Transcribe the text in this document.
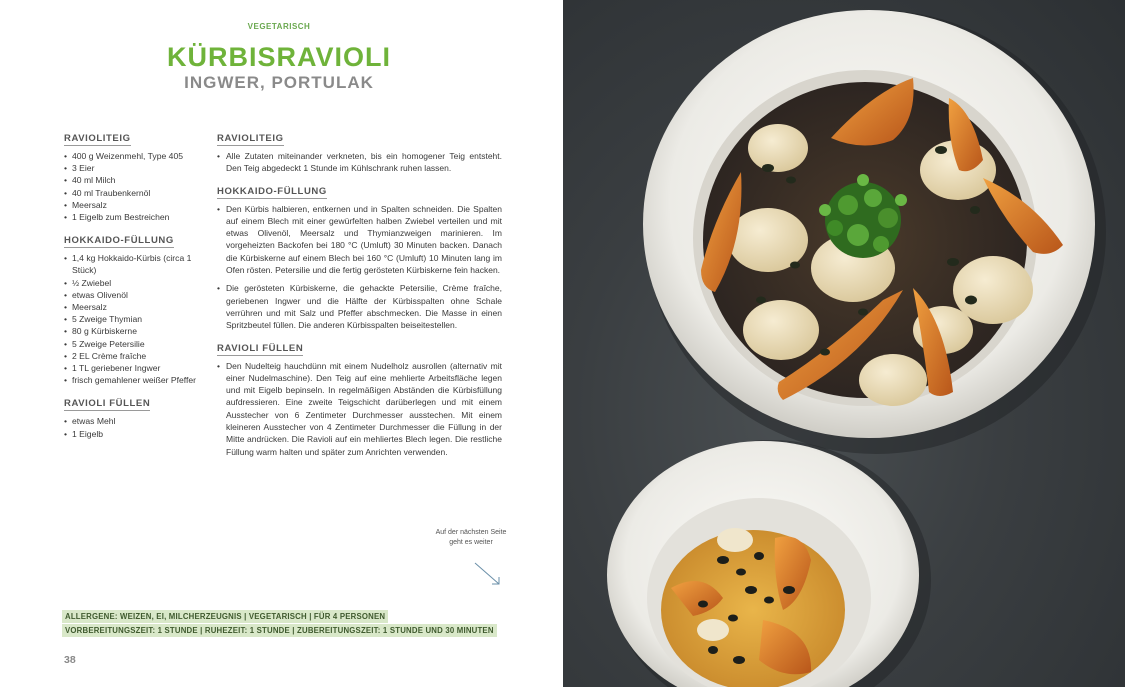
VEGETARISCH
KÜRBISRAVIOLI
INGWER, PORTULAK
RAVIOLITEIG
• 400 g Weizenmehl, Type 405
• 3 Eier
• 40 ml Milch
• 40 ml Traubenkernöl
• Meersalz
• 1 Eigelb zum Bestreichen
HOKKAIDO-FÜLLUNG
• 1,4 kg Hokkaido-Kürbis (circa 1 Stück)
• ½ Zwiebel
• etwas Olivenöl
• Meersalz
• 5 Zweige Thymian
• 80 g Kürbiskerne
• 5 Zweige Petersilie
• 2 EL Crème fraîche
• 1 TL geriebener Ingwer
• frisch gemahlener weißer Pfeffer
RAVIOLI FÜLLEN
• etwas Mehl
• 1 Eigelb
RAVIOLITEIG
• Alle Zutaten miteinander verkneten, bis ein homogener Teig entsteht. Den Teig abgedeckt 1 Stunde im Kühlschrank ruhen lassen.
HOKKAIDO-FÜLLUNG
• Den Kürbis halbieren, entkernen und in Spalten schneiden. Die Spalten auf einem Blech mit einer gewürfelten halben Zwiebel verteilen und mit etwas Olivenöl, Meersalz und Thymianzweigen marinieren. Im vorgeheizten Backofen bei 180 °C (Umluft) 30 Minuten backen. Danach die Kürbiskerne auf einem Blech bei 160 °C (Umluft) 10 Minuten lang im Ofen rösten. Petersilie und die fertig gerösteten Kürbiskerne fein hacken.
• Die gerösteten Kürbiskerne, die gehackte Petersilie, Crème fraîche, geriebenen Ingwer und die Hälfte der Kürbisspalten ohne Schale verrühren und mit Salz und Pfeffer abschmecken. Die Masse in einen Spritzbeutel füllen. Die anderen Kürbisspalten beiseitestellen.
RAVIOLI FÜLLEN
• Den Nudelteig hauchdünn mit einem Nudelholz ausrollen (alternativ mit einer Nudelmaschine). Den Teig auf eine mehlierte Arbeitsfläche legen und mit Eigelb bepinseln. In regelmäßigen Abständen die Kürbisfüllung aufdressieren. Eine zweite Teigschicht darüberlegen und mit einem Ausstecher von 6 Zentimeter Durchmesser ausstechen. Mit einem kleineren Ausstecher von 4 Zentimeter Durchmesser die Füllung in der Mitte andrücken. Die Ravioli auf ein mehliertes Blech legen. Die restliche Füllung warm halten und später zum Anrichten verwenden.
Auf der nächsten Seite geht es weiter
ALLERGENE: WEIZEN, EI, MILCHERZEUGNIS | VEGETARISCH | FÜR 4 PERSONEN
VORBEREITUNGSZEIT: 1 STUNDE | RUHEZEIT: 1 STUNDE | ZUBEREITUNGSZEIT: 1 STUNDE UND 30 MINUTEN
38
